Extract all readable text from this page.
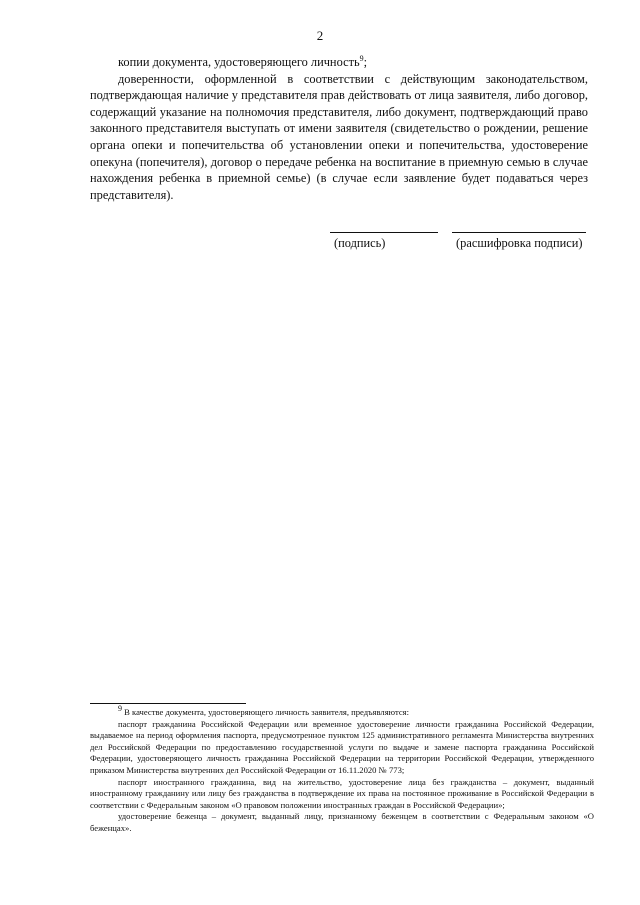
2

копии документа, удостоверяющего личность$^9$;

доверенности, оформленной в соответствии с действующим законодательством, подтверждающая наличие у представителя прав действовать от лица заявителя, либо договор, содержащий указание на полномочия представителя, либо документ, подтверждающий право законного представителя выступать от имени заявителя (свидетельство о рождении, решение органа опеки и попечительства об установлении опеки и попечительства, удостоверение опекуна (попечителя), договор о передаче ребенка на воспитание в приемную семью в случае нахождения ребенка в приемной семье) (в случае если заявление будет подаваться через представителя).

(подпись)	(расшифровка подписи)

$^9$ В качестве документа, удостоверяющего личность заявителя, предъявляются:

паспорт гражданина Российской Федерации или временное удостоверение личности гражданина Российской Федерации, выдаваемое на период оформления паспорта, предусмотренное пунктом 125 административного регламента Министерства внутренних дел Российской Федерации по предоставлению государственной услуги по выдаче и замене паспорта гражданина Российской Федерации, удостоверяющего личность гражданина Российской Федерации на территории Российской Федерации, утвержденного приказом Министерства внутренних дел Российской Федерации от 16.11.2020 № 773;

паспорт иностранного гражданина, вид на жительство, удостоверение лица без гражданства – документ, выданный иностранному гражданину или лицу без гражданства в подтверждение их права на постоянное проживание в Российской Федерации в соответствии с Федеральным законом «О правовом положении иностранных граждан в Российской Федерации»;

удостоверение беженца – документ, выданный лицу, признанному беженцем в соответствии с Федеральным законом «О беженцах».
